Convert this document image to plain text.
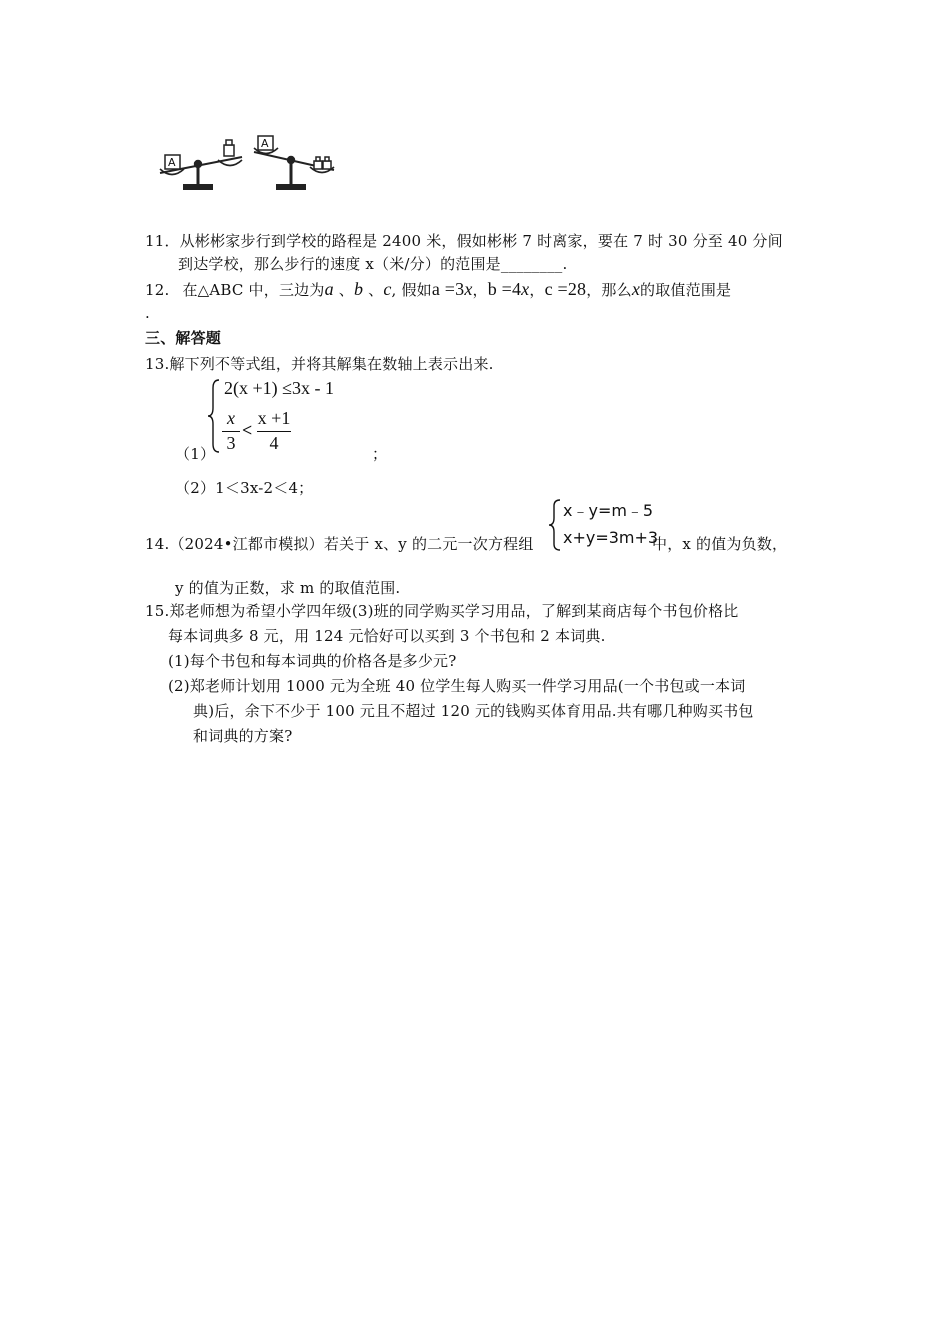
A
A
11．从彬彬家步行到学校的路程是 2400 米，假如彬彬 7 时离家，要在 7 时 30 分至 40 分间
到达学校，那么步行的速度 x（米/分）的范围是________.
12. 在△ABC 中，三边为a 、b 、c, 假如a =3x，b =4x，c =28，那么x的取值范围是
.
三、解答题
13.解下列不等式组，并将其解集在数轴上表示出来.
2(x +1) ≤3x - 1
（1）
x
3
<
x +1
4
；
（2）1＜3x-2＜4；
14.（2024•江都市模拟）若关于 x、y 的二元一次方程组
x﹣y=m﹣5
x+y=3m+3
中，x 的值为负数，
y 的值为正数，求 m 的取值范围.
15.郑老师想为希望小学四年级(3)班的同学购买学习用品，了解到某商店每个书包价格比
每本词典多 8 元，用 124 元恰好可以买到 3 个书包和 2 本词典.
(1)每个书包和每本词典的价格各是多少元?
(2)郑老师计划用 1000 元为全班 40 位学生每人购买一件学习用品(一个书包或一本词
典)后，余下不少于 100 元且不超过 120 元的钱购买体育用品.共有哪几种购买书包
和词典的方案?
